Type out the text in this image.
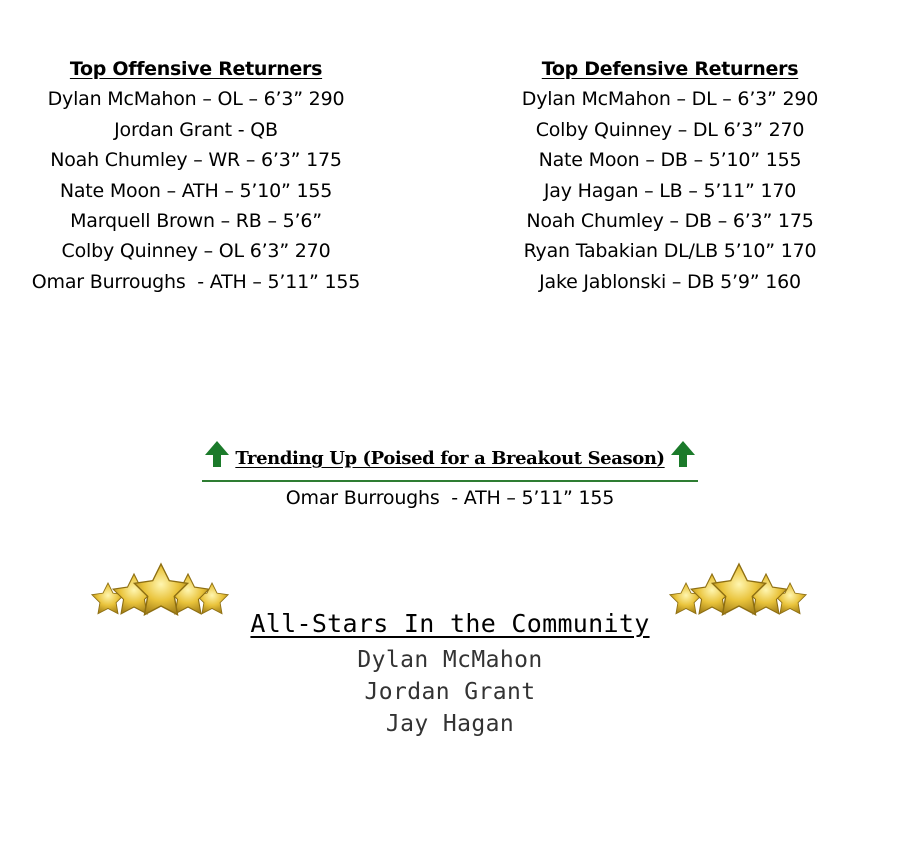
Top Offensive Returners
Dylan McMahon – OL – 6’3” 290
Jordan Grant - QB
Noah Chumley – WR – 6’3” 175
Nate Moon – ATH – 5’10” 155
Marquell Brown – RB – 5’6”
Colby Quinney – OL 6’3” 270
Omar Burroughs  - ATH – 5’11” 155
Top Defensive Returners
Dylan McMahon – DL – 6’3” 290
Colby Quinney – DL 6’3” 270
Nate Moon – DB – 5’10” 155
Jay Hagan – LB – 5’11” 170
Noah Chumley – DB – 6’3” 175
Ryan Tabakian DL/LB 5’10” 170
Jake Jablonski – DB 5’9” 160
Trending Up (Poised for a Breakout Season)
Omar Burroughs  - ATH – 5’11” 155
All-Stars In the Community
Dylan McMahon
Jordan Grant
Jay Hagan
